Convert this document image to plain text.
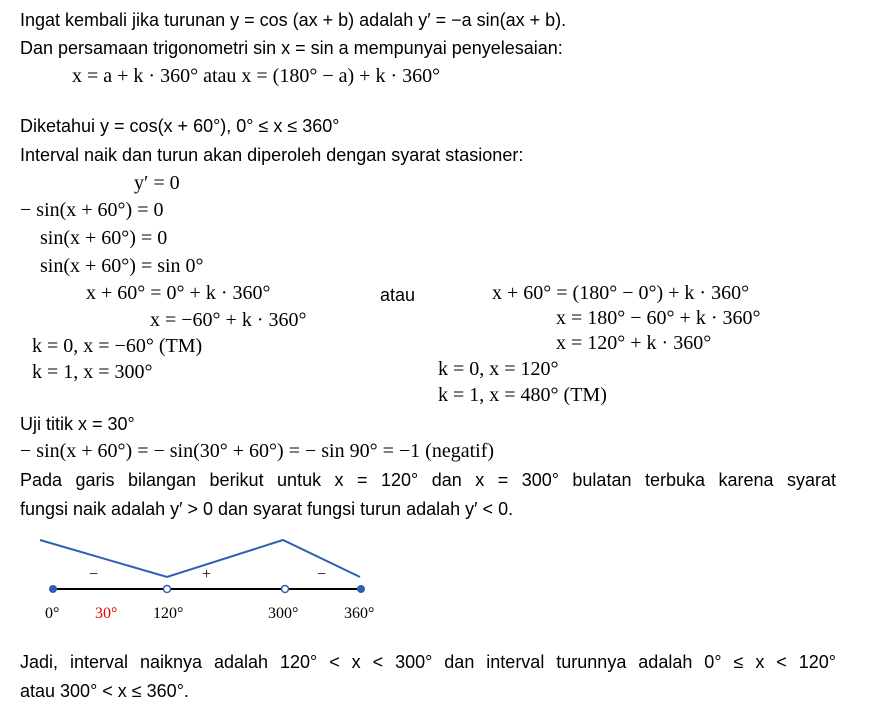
Ingat kembali jika turunan y = cos (ax + b) adalah y′ = −a sin(ax + b).
Dan persamaan trigonometri sin x = sin a mempunyai penyelesaian:
x = a + k · 360° atau x = (180° − a) + k · 360°
Diketahui y = cos(x + 60°), 0° ≤ x ≤ 360°
Interval naik dan turun akan diperoleh dengan syarat stasioner:
y′ = 0
− sin(x + 60°) = 0
sin(x + 60°) = 0
sin(x + 60°) = sin 0°
x + 60° = 0° + k · 360°
x = −60° + k · 360°
k = 0, x = −60° (TM)
k = 1, x = 300°
atau	x + 60° = (180° − 0°) + k · 360°
x = 180° − 60° + k · 360°
x = 120° + k · 360°
k = 0, x = 120°
k = 1, x = 480° (TM)
Uji titik x = 30°
− sin(x + 60°) = − sin(30° + 60°) = − sin 90° = −1 (negatif)
Pada garis bilangan berikut untuk x = 120° dan x = 300° bulatan terbuka karena syarat
fungsi naik adalah y′ > 0 dan syarat fungsi turun adalah y′ < 0.
−	+	−
0° 30° 120°	300°	360°
Jadi, interval naiknya adalah 120° < x < 300° dan interval turunnya adalah 0° ≤ x < 120°
atau 300° < x ≤ 360°.
